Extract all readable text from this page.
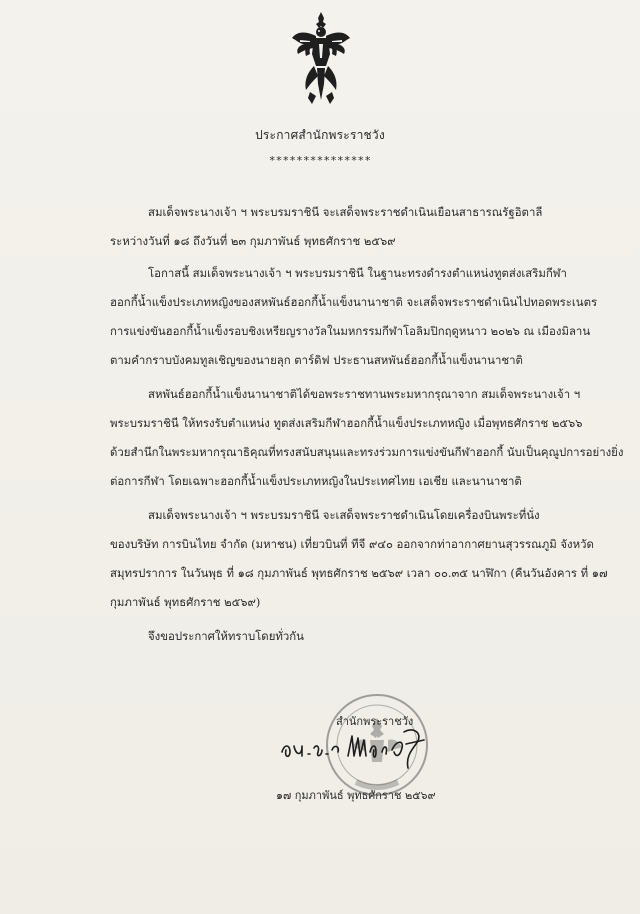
ประกาศสำนักพระราชวัง
***************
สมเด็จพระนางเจ้า ฯ พระบรมราชินี จะเสด็จพระราชดำเนินเยือนสาธารณรัฐอิตาลี
ระหว่างวันที่ ๑๘ ถึงวันที่ ๒๓ กุมภาพันธ์ พุทธศักราช ๒๕๖๙
โอกาสนี้ สมเด็จพระนางเจ้า ฯ พระบรมราชินี ในฐานะทรงดำรงตำแหน่งทูตส่งเสริมกีฬา
ฮอกกี้น้ำแข็งประเภทหญิงของสหพันธ์ฮอกกี้น้ำแข็งนานาชาติ จะเสด็จพระราชดำเนินไปทอดพระเนตร
การแข่งขันฮอกกี้น้ำแข็งรอบชิงเหรียญรางวัลในมหกรรมกีฬาโอลิมปิกฤดูหนาว ๒๐๒๖ ณ เมืองมิลาน
ตามคำกราบบังคมทูลเชิญของนายลุก ตาร์ดิฟ ประธานสหพันธ์ฮอกกี้น้ำแข็งนานาชาติ
สหพันธ์ฮอกกี้น้ำแข็งนานาชาติได้ขอพระราชทานพระมหากรุณาจาก สมเด็จพระนางเจ้า ฯ
พระบรมราชินี ให้ทรงรับตำแหน่ง ทูตส่งเสริมกีฬาฮอกกี้น้ำแข็งประเภทหญิง เมื่อพุทธศักราช ๒๕๖๖
ด้วยสำนึกในพระมหากรุณาธิคุณที่ทรงสนับสนุนและทรงร่วมการแข่งขันกีฬาฮอกกี้ นับเป็นคุณูปการอย่างยิ่ง
ต่อการกีฬา โดยเฉพาะฮอกกี้น้ำแข็งประเภทหญิงในประเทศไทย เอเชีย และนานาชาติ
สมเด็จพระนางเจ้า ฯ พระบรมราชินี จะเสด็จพระราชดำเนินโดยเครื่องบินพระที่นั่ง
ของบริษัท การบินไทย จำกัด (มหาชน) เที่ยวบินที่ ทีจี ๙๔๐ ออกจากท่าอากาศยานสุวรรณภูมิ จังหวัด
สมุทรปราการ ในวันพุธ ที่ ๑๘ กุมภาพันธ์ พุทธศักราช ๒๕๖๙ เวลา ๐๐.๓๕ นาฬิกา (คืนวันอังคาร ที่ ๑๗
กุมภาพันธ์ พุทธศักราช ๒๕๖๙)
จึงขอประกาศให้ทราบโดยทั่วกัน
สำนักพระราชวัง
๑๗ กุมภาพันธ์ พุทธศักราช ๒๕๖๙
